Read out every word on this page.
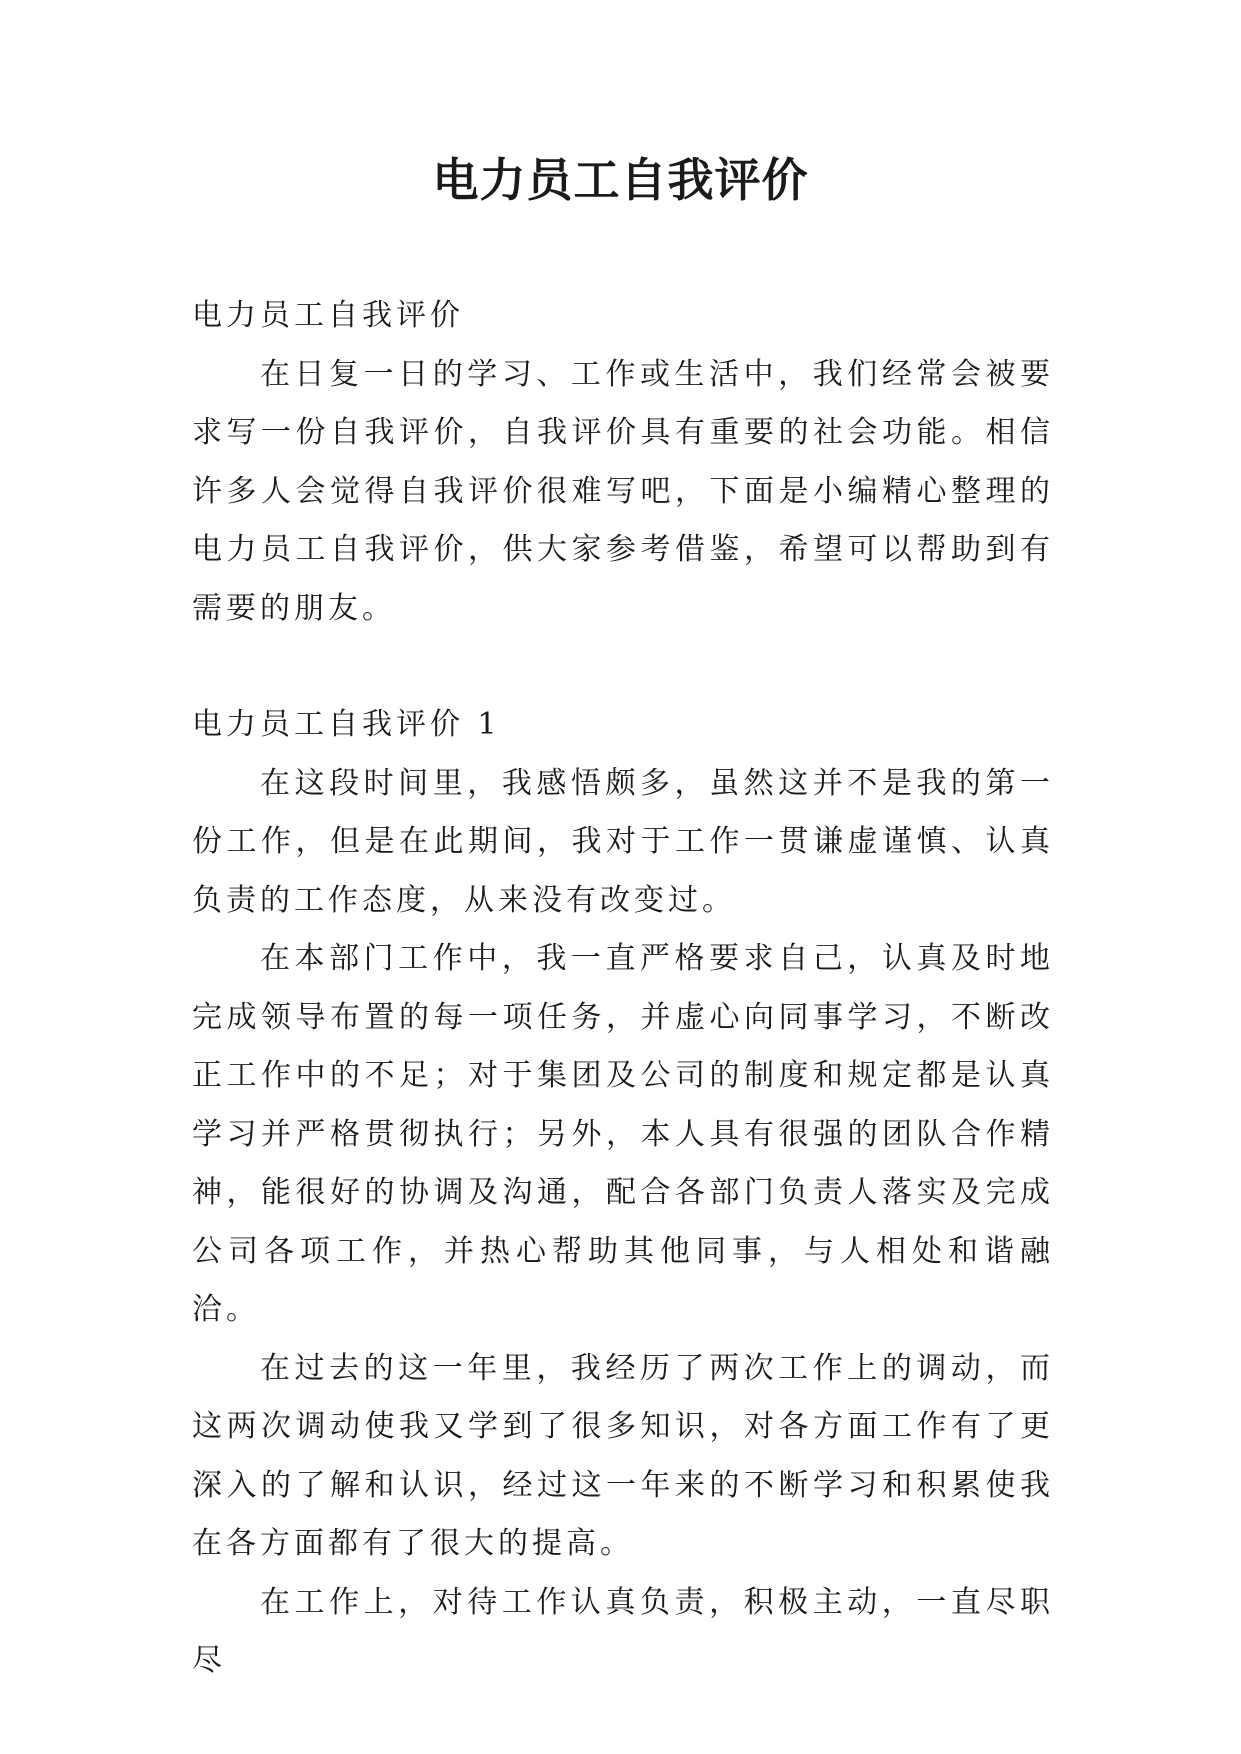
电力员工自我评价

电力员工自我评价

在日复一日的学习、工作或生活中，我们经常会被要求写一份自我评价，自我评价具有重要的社会功能。相信许多人会觉得自我评价很难写吧，下面是小编精心整理的电力员工自我评价，供大家参考借鉴，希望可以帮助到有需要的朋友。

电力员工自我评价 1

在这段时间里，我感悟颇多，虽然这并不是我的第一份工作，但是在此期间，我对于工作一贯谦虚谨慎、认真负责的工作态度，从来没有改变过。

在本部门工作中，我一直严格要求自己，认真及时地完成领导布置的每一项任务，并虚心向同事学习，不断改正工作中的不足；对于集团及公司的制度和规定都是认真学习并严格贯彻执行；另外，本人具有很强的团队合作精神，能很好的协调及沟通，配合各部门负责人落实及完成公司各项工作，并热心帮助其他同事，与人相处和谐融洽。

在过去的这一年里，我经历了两次工作上的调动，而这两次调动使我又学到了很多知识，对各方面工作有了更深入的了解和认识，经过这一年来的不断学习和积累使我在各方面都有了很大的提高。

在工作上，对待工作认真负责，积极主动，一直尽职尽
